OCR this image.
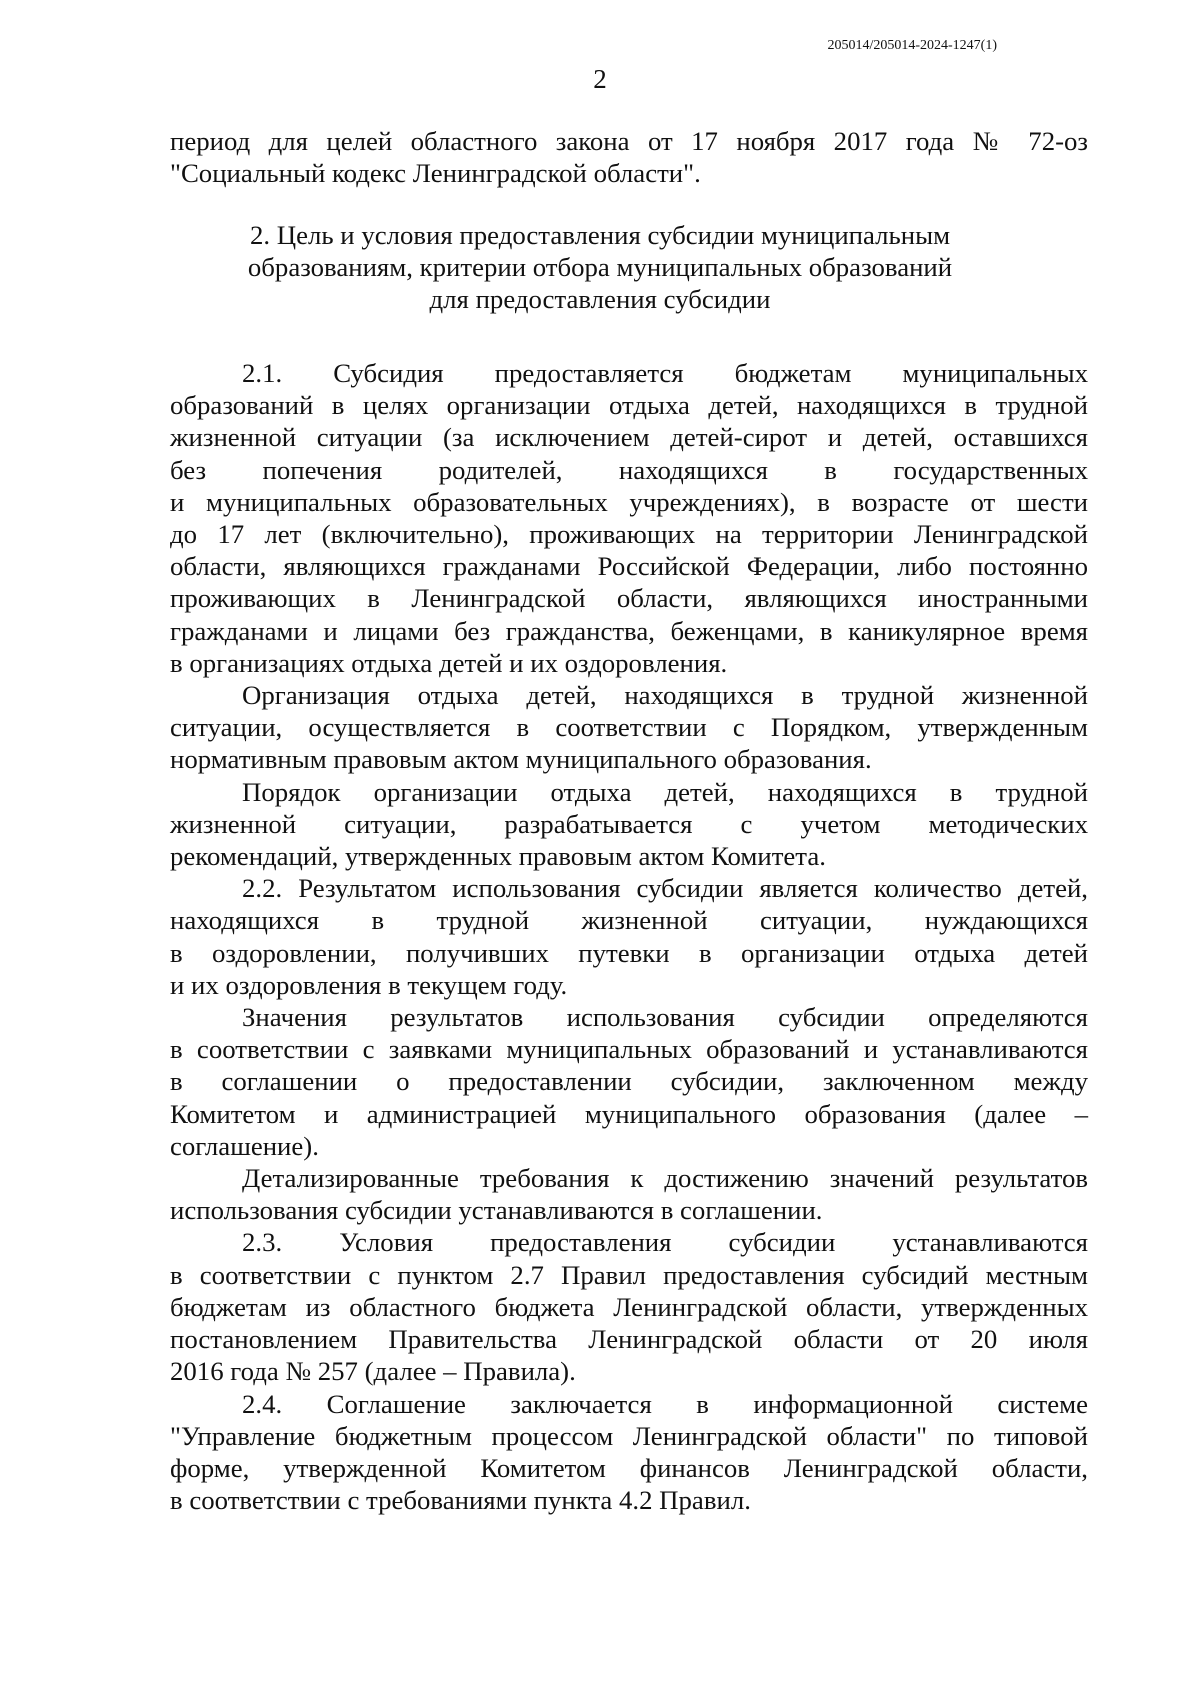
205014/205014-2024-1247(1)
2
период для целей областного закона от 17 ноября 2017 года № 72-оз
"Социальный кодекс Ленинградской области".
2. Цель и условия предоставления субсидии муниципальным
образованиям, критерии отбора муниципальных образований
для предоставления субсидии
2.1. Субсидия предоставляется бюджетам муниципальных
образований в целях организации отдыха детей, находящихся в трудной
жизненной ситуации (за исключением детей-сирот и детей, оставшихся
без попечения родителей, находящихся в государственных
и муниципальных образовательных учреждениях), в возрасте от шести
до 17 лет (включительно), проживающих на территории Ленинградской
области, являющихся гражданами Российской Федерации, либо постоянно
проживающих в Ленинградской области, являющихся иностранными
гражданами и лицами без гражданства, беженцами, в каникулярное время
в организациях отдыха детей и их оздоровления.
Организация отдыха детей, находящихся в трудной жизненной
ситуации, осуществляется в соответствии с Порядком, утвержденным
нормативным правовым актом муниципального образования.
Порядок организации отдыха детей, находящихся в трудной
жизненной ситуации, разрабатывается с учетом методических
рекомендаций, утвержденных правовым актом Комитета.
2.2. Результатом использования субсидии является количество детей,
находящихся в трудной жизненной ситуации, нуждающихся
в оздоровлении, получивших путевки в организации отдыха детей
и их оздоровления в текущем году.
Значения результатов использования субсидии определяются
в соответствии с заявками муниципальных образований и устанавливаются
в соглашении о предоставлении субсидии, заключенном между
Комитетом и администрацией муниципального образования (далее –
соглашение).
Детализированные требования к достижению значений результатов
использования субсидии устанавливаются в соглашении.
2.3. Условия предоставления субсидии устанавливаются
в соответствии с пунктом 2.7 Правил предоставления субсидий местным
бюджетам из областного бюджета Ленинградской области, утвержденных
постановлением Правительства Ленинградской области от 20 июля
2016 года № 257 (далее – Правила).
2.4. Соглашение заключается в информационной системе
"Управление бюджетным процессом Ленинградской области" по типовой
форме, утвержденной Комитетом финансов Ленинградской области,
в соответствии с требованиями пункта 4.2 Правил.
